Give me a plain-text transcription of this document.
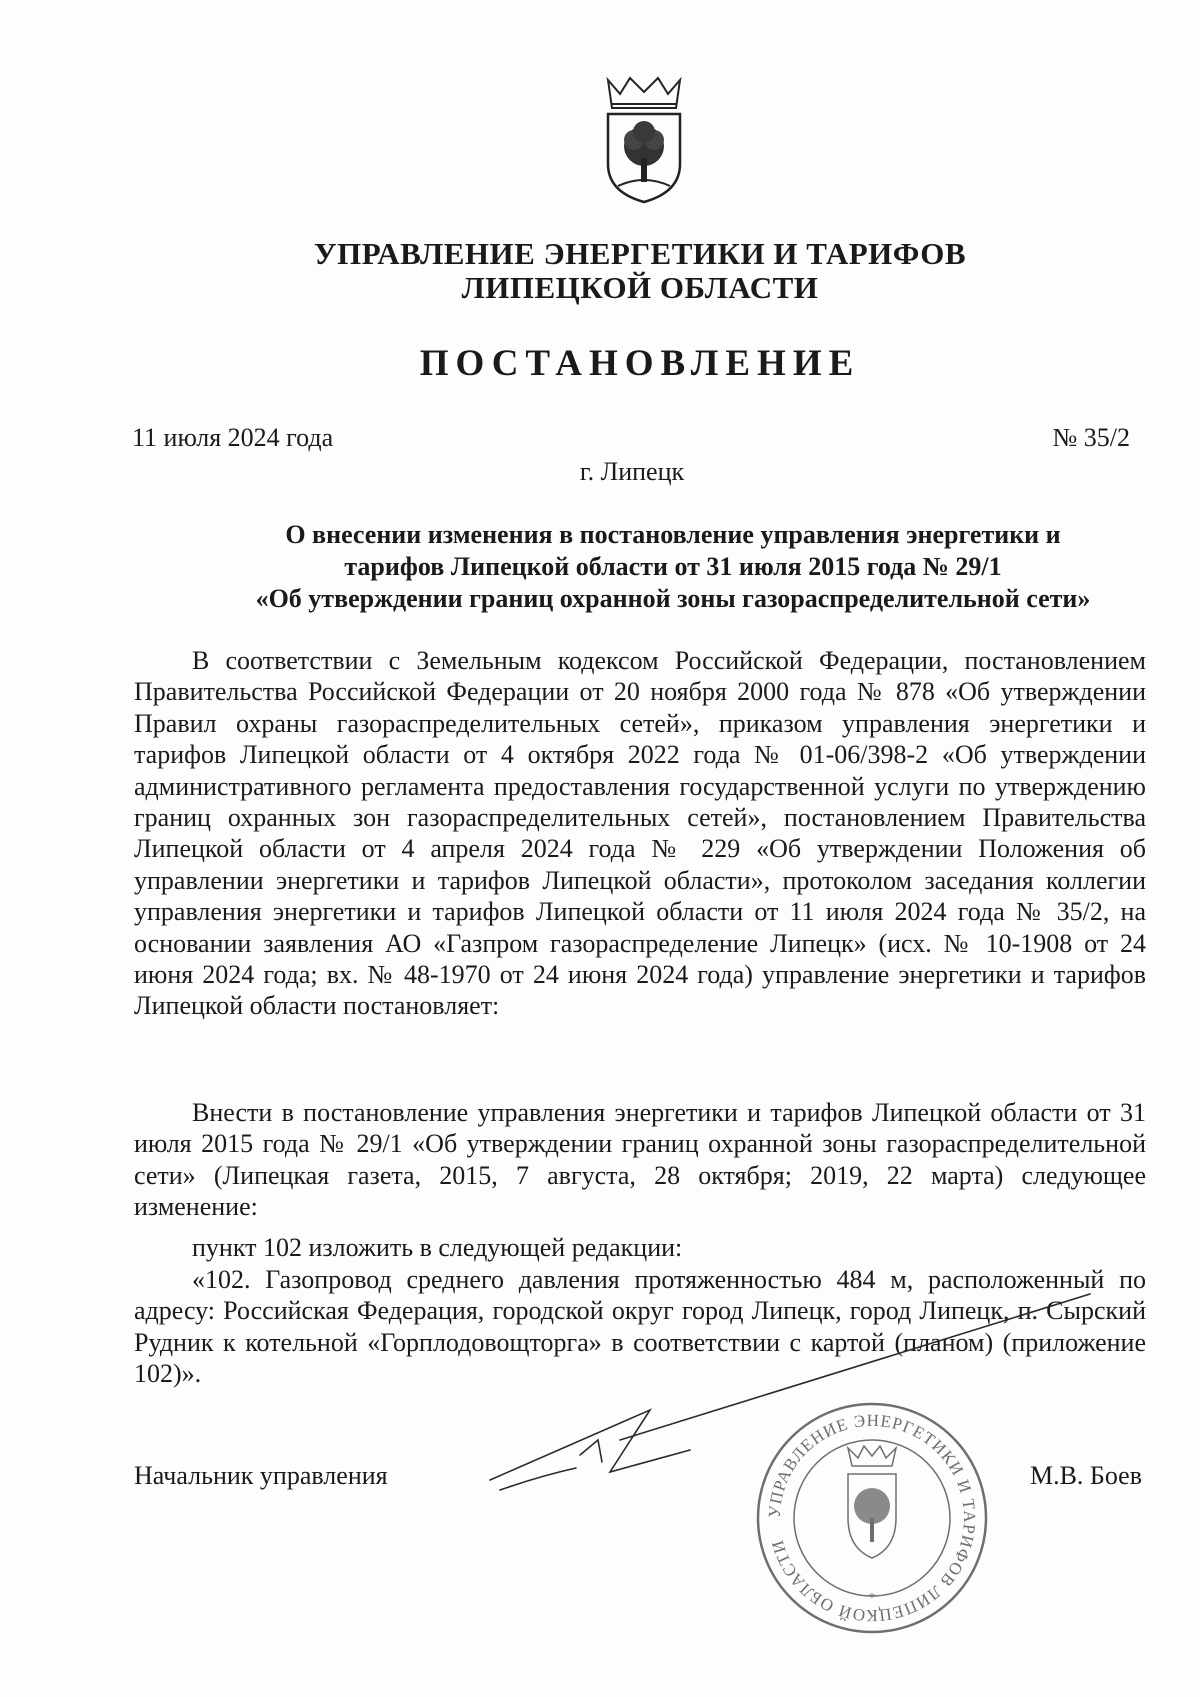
УПРАВЛЕНИЕ ЭНЕРГЕТИКИ И ТАРИФОВ
ЛИПЕЦКОЙ ОБЛАСТИ
ПОСТАНОВЛЕНИЕ
11 июля 2024 года	№ 35/2
г. Липецк
О внесении изменения в постановление управления энергетики и
тарифов Липецкой области от 31 июля 2015 года № 29/1
«Об утверждении границ охранной зоны газораспределительной сети»

В соответствии с Земельным кодексом Российской Федерации, постановлением Правительства Российской Федерации от 20 ноября 2000 года № 878 «Об утверждении Правил охраны газораспределительных сетей», приказом управления энергетики и тарифов Липецкой области от 4 октября 2022 года № 01-06/398-2 «Об утверждении административного регламента предоставления государственной услуги по утверждению границ охранных зон газораспределительных сетей», постановлением Правительства Липецкой области от 4 апреля 2024 года № 229 «Об утверждении Положения об управлении энергетики и тарифов Липецкой области», протоколом заседания коллегии управления энергетики и тарифов Липецкой области от 11 июля 2024 года № 35/2, на основании заявления АО «Газпром газораспределение Липецк» (исх. № 10-1908 от 24 июня 2024 года; вх. № 48-1970 от 24 июня 2024 года) управление энергетики и тарифов Липецкой области постановляет:

Внести в постановление управления энергетики и тарифов Липецкой области от 31 июля 2015 года № 29/1 «Об утверждении границ охранной зоны газораспределительной сети» (Липецкая газета, 2015, 7 августа, 28 октября; 2019, 22 марта) следующее изменение:

пункт 102 изложить в следующей редакции:

«102. Газопровод среднего давления протяженностью 484 м, расположенный по адресу: Российская Федерация, городской округ город Липецк, город Липецк, п. Сырский Рудник к котельной «Горплодовощторга» в соответствии с картой (планом) (приложение 102)».

Начальник управления	М.В. Боев
УПРАВЛЕНИЕ ЭНЕРГЕТИКИ И ТАРИФОВ ЛИПЕЦКОЙ ОБЛАСТИ
*
